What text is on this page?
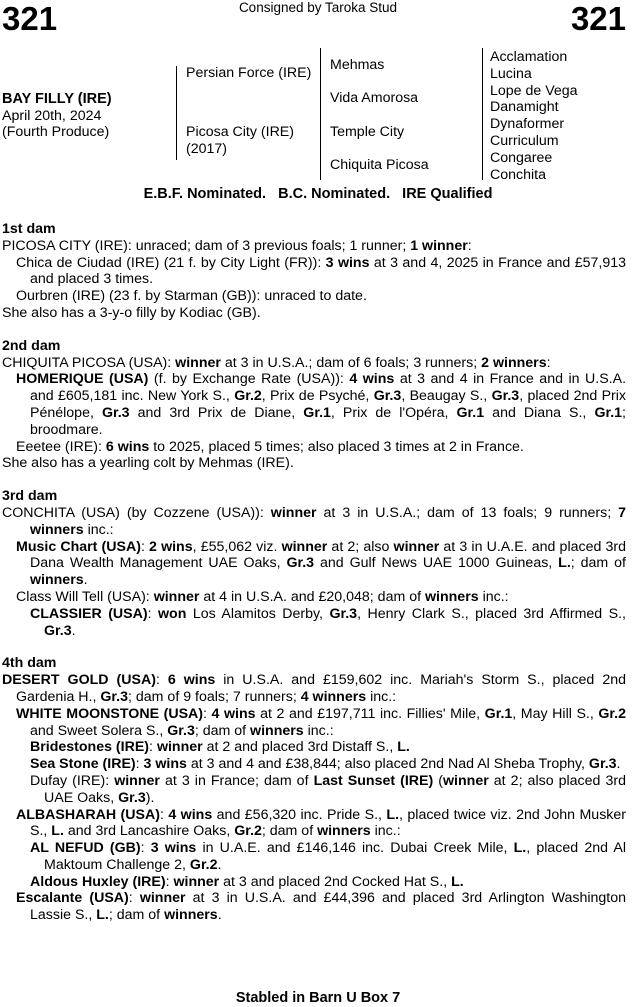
321	321
Consigned by Taroka Stud
BAY FILLY (IRE)
April 20th, 2024
(Fourth Produce)
Persian Force (IRE)
Picosa City (IRE) (2017)
Mehmas
Vida Amorosa
Temple City
Chiquita Picosa
Acclamation
Lucina
Lope de Vega
Danamight
Dynaformer
Curriculum
Congaree
Conchita
E.B.F. Nominated.   B.C. Nominated.   IRE Qualified
1st dam
PICOSA CITY (IRE): unraced; dam of 3 previous foals; 1 runner; 1 winner:
Chica de Ciudad (IRE) (21 f. by City Light (FR)): 3 wins at 3 and 4, 2025 in France and £57,913 and placed 3 times.
Ourbren (IRE) (23 f. by Starman (GB)): unraced to date.
She also has a 3-y-o filly by Kodiac (GB).
2nd dam
CHIQUITA PICOSA (USA): winner at 3 in U.S.A.; dam of 6 foals; 3 runners; 2 winners:
HOMERIQUE (USA) (f. by Exchange Rate (USA)): 4 wins at 3 and 4 in France and in U.S.A. and £605,181 inc. New York S., Gr.2, Prix de Psyché, Gr.3, Beaugay S., Gr.3, placed 2nd Prix Pénélope, Gr.3 and 3rd Prix de Diane, Gr.1, Prix de l'Opéra, Gr.1 and Diana S., Gr.1; broodmare.
Eeetee (IRE): 6 wins to 2025, placed 5 times; also placed 3 times at 2 in France.
She also has a yearling colt by Mehmas (IRE).
3rd dam
CONCHITA (USA) (by Cozzene (USA)): winner at 3 in U.S.A.; dam of 13 foals; 9 runners; 7 winners inc.:
Music Chart (USA): 2 wins, £55,062 viz. winner at 2; also winner at 3 in U.A.E. and placed 3rd Dana Wealth Management UAE Oaks, Gr.3 and Gulf News UAE 1000 Guineas, L.; dam of winners.
Class Will Tell (USA): winner at 4 in U.S.A. and £20,048; dam of winners inc.:
CLASSIER (USA): won Los Alamitos Derby, Gr.3, Henry Clark S., placed 3rd Affirmed S., Gr.3.
4th dam
DESERT GOLD (USA): 6 wins in U.S.A. and £159,602 inc. Mariah's Storm S., placed 2nd Gardenia H., Gr.3; dam of 9 foals; 7 runners; 4 winners inc.:
WHITE MOONSTONE (USA): 4 wins at 2 and £197,711 inc. Fillies' Mile, Gr.1, May Hill S., Gr.2 and Sweet Solera S., Gr.3; dam of winners inc.:
Bridestones (IRE): winner at 2 and placed 3rd Distaff S., L.
Sea Stone (IRE): 3 wins at 3 and 4 and £38,844; also placed 2nd Nad Al Sheba Trophy, Gr.3.
Dufay (IRE): winner at 3 in France; dam of Last Sunset (IRE) (winner at 2; also placed 3rd UAE Oaks, Gr.3).
ALBASHARAH (USA): 4 wins and £56,320 inc. Pride S., L., placed twice viz. 2nd John Musker S., L. and 3rd Lancashire Oaks, Gr.2; dam of winners inc.:
AL NEFUD (GB): 3 wins in U.A.E. and £146,146 inc. Dubai Creek Mile, L., placed 2nd Al Maktoum Challenge 2, Gr.2.
Aldous Huxley (IRE): winner at 3 and placed 2nd Cocked Hat S., L.
Escalante (USA): winner at 3 in U.S.A. and £44,396 and placed 3rd Arlington Washington Lassie S., L.; dam of winners.
Stabled in Barn U Box 7
